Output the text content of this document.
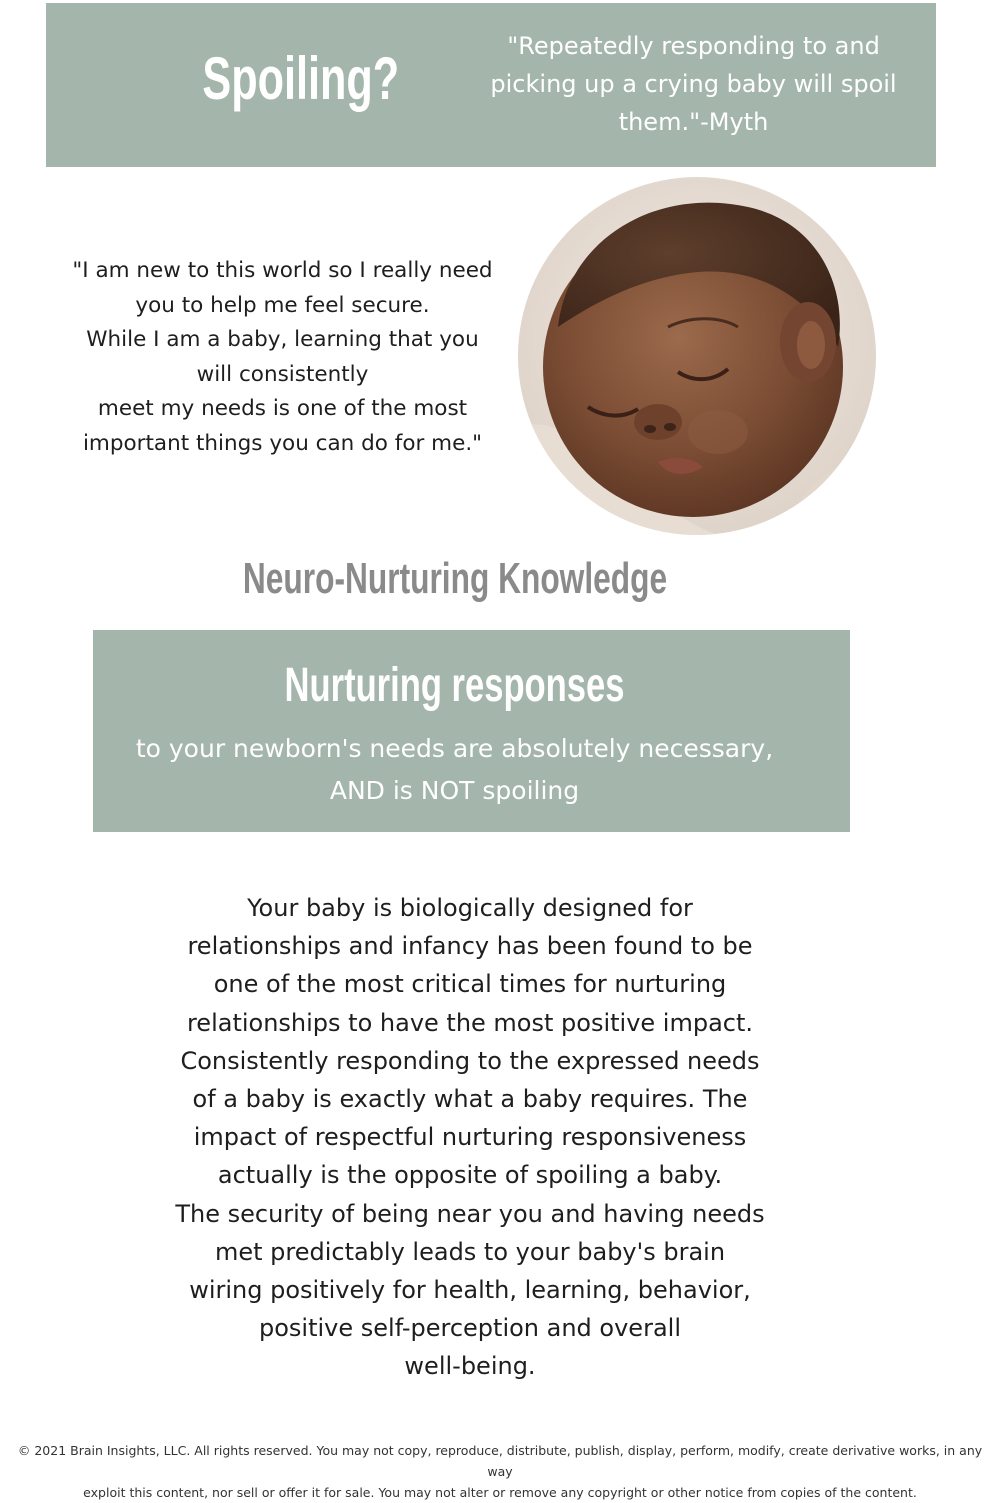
Spoiling?	"Repeatedly responding to and picking up a crying baby will spoil them."-Myth
"I am new to this world so I really need
you to help me feel secure.
While I am a baby, learning that you
will consistently
meet my needs is one of the most
important things you can do for me."
Neuro-Nurturing Knowledge
Nurturing responses
to your newborn's needs are absolutely necessary,
AND is NOT spoiling
Your baby is biologically designed for
relationships and infancy has been found to be
one of the most critical times for nurturing
relationships to have the most positive impact.
Consistently responding to the expressed needs
of a baby is exactly what a baby requires. The
impact of respectful nurturing responsiveness
actually is the opposite of spoiling a baby.
The security of being near you and having needs
met predictably leads to your baby's brain
wiring positively for health, learning, behavior,
positive self-perception and overall
well-being.
© 2021 Brain Insights, LLC. All rights reserved. You may not copy, reproduce, distribute, publish, display, perform, modify, create derivative works, in any way
exploit this content, nor sell or offer it for sale. You may not alter or remove any copyright or other notice from copies of the content.
